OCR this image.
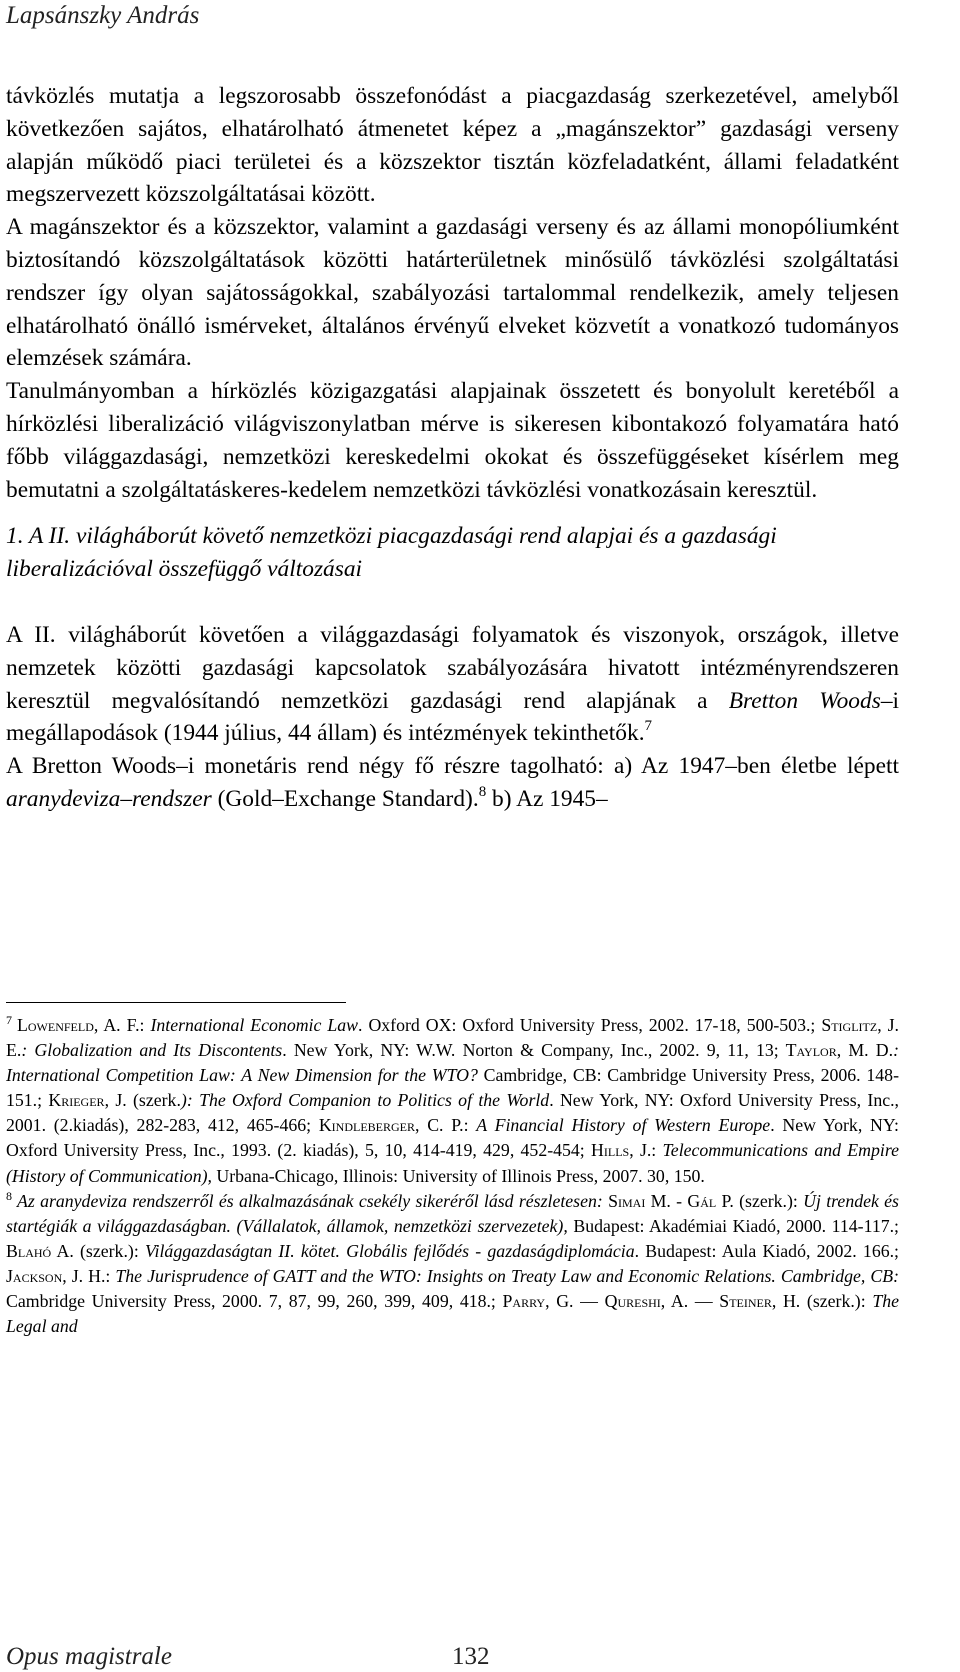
Lapsánszky András

távközlés mutatja a legszorosabb összefonódást a piacgazdaság szerkezetével, amelyből következően sajátos, elhatárolható átmenetet képez a „magánszektor” gazdasági verseny alapján működő piaci területei és a közszektor tisztán közfeladatként, állami feladatként megszervezett közszolgáltatásai között.

A magánszektor és a közszektor, valamint a gazdasági verseny és az állami monopóliumként biztosítandó közszolgáltatások közötti határterületnek minősülő távközlési szolgáltatási rendszer így olyan sajátosságokkal, szabályozási tartalommal rendelkezik, amely teljesen elhatárolható önálló ismérveket, általános érvényű elveket közvetít a vonatkozó tudományos elemzések számára.

Tanulmányomban a hírközlés közigazgatási alapjainak összetett és bonyolult keretéből a hírközlési liberalizáció világviszonylatban mérve is sikeresen kibontakozó folyamatára ható főbb világgazdasági, nemzetközi kereskedelmi okokat és összefüggéseket kísérlem meg bemutatni a szolgáltatáskeres-kedelem nemzetközi távközlési vonatkozásain keresztül.

1. A II. világháborút követő nemzetközi piacgazdasági rend alapjai és a gazdasági liberalizációval összefüggő változásai

A II. világháborút követően a világgazdasági folyamatok és viszonyok, országok, illetve nemzetek közötti gazdasági kapcsolatok szabályozására hivatott intézményrendszeren keresztül megvalósítandó nemzetközi gazdasági rend alapjának a Bretton Woods–i megállapodások (1944 július, 44 állam) és intézmények tekinthetők.$^7$

A Bretton Woods–i monetáris rend négy fő részre tagolható: a) Az 1947–ben életbe lépett aranydeviza–rendszer (Gold–Exchange Standard).$^8$ b) Az 1945–

$^7$ Lowenfeld, A. F.: International Economic Law. Oxford OX: Oxford University Press, 2002. 17-18, 500-503.; Stiglitz, J. E.: Globalization and Its Discontents. New York, NY: W.W. Norton & Company, Inc., 2002. 9, 11, 13; Taylor, M. D.: International Competition Law: A New Dimension for the WTO? Cambridge, CB: Cambridge University Press, 2006. 148-151.; Krieger, J. (szerk.): The Oxford Companion to Politics of the World. New York, NY: Oxford University Press, Inc., 2001. (2.kiadás), 282-283, 412, 465-466; Kindleberger, C. P.: A Financial History of Western Europe. New York, NY: Oxford University Press, Inc., 1993. (2. kiadás), 5, 10, 414-419, 429, 452-454; Hills, J.: Telecommunications and Empire (History of Communication), Urbana-Chicago, Illinois: University of Illinois Press, 2007. 30, 150.

$^8$ Az aranydeviza rendszerről és alkalmazásának csekély sikeréről lásd részletesen: Simai M. - Gál P. (szerk.): Új trendek és startégiák a világgazdaságban. (Vállalatok, államok, nemzetközi szervezetek), Budapest: Akadémiai Kiadó, 2000. 114-117.; Blahó A. (szerk.): Világgazdaságtan II. kötet. Globális fejlődés - gazdaságdiplomácia. Budapest: Aula Kiadó, 2002. 166.; Jackson, J. H.: The Jurisprudence of GATT and the WTO: Insights on Treaty Law and Economic Relations. Cambridge, CB: Cambridge University Press, 2000. 7, 87, 99, 260, 399, 409, 418.; Parry, G. — Qureshi, A. — Steiner, H. (szerk.): The Legal and

Opus magistrale	132
